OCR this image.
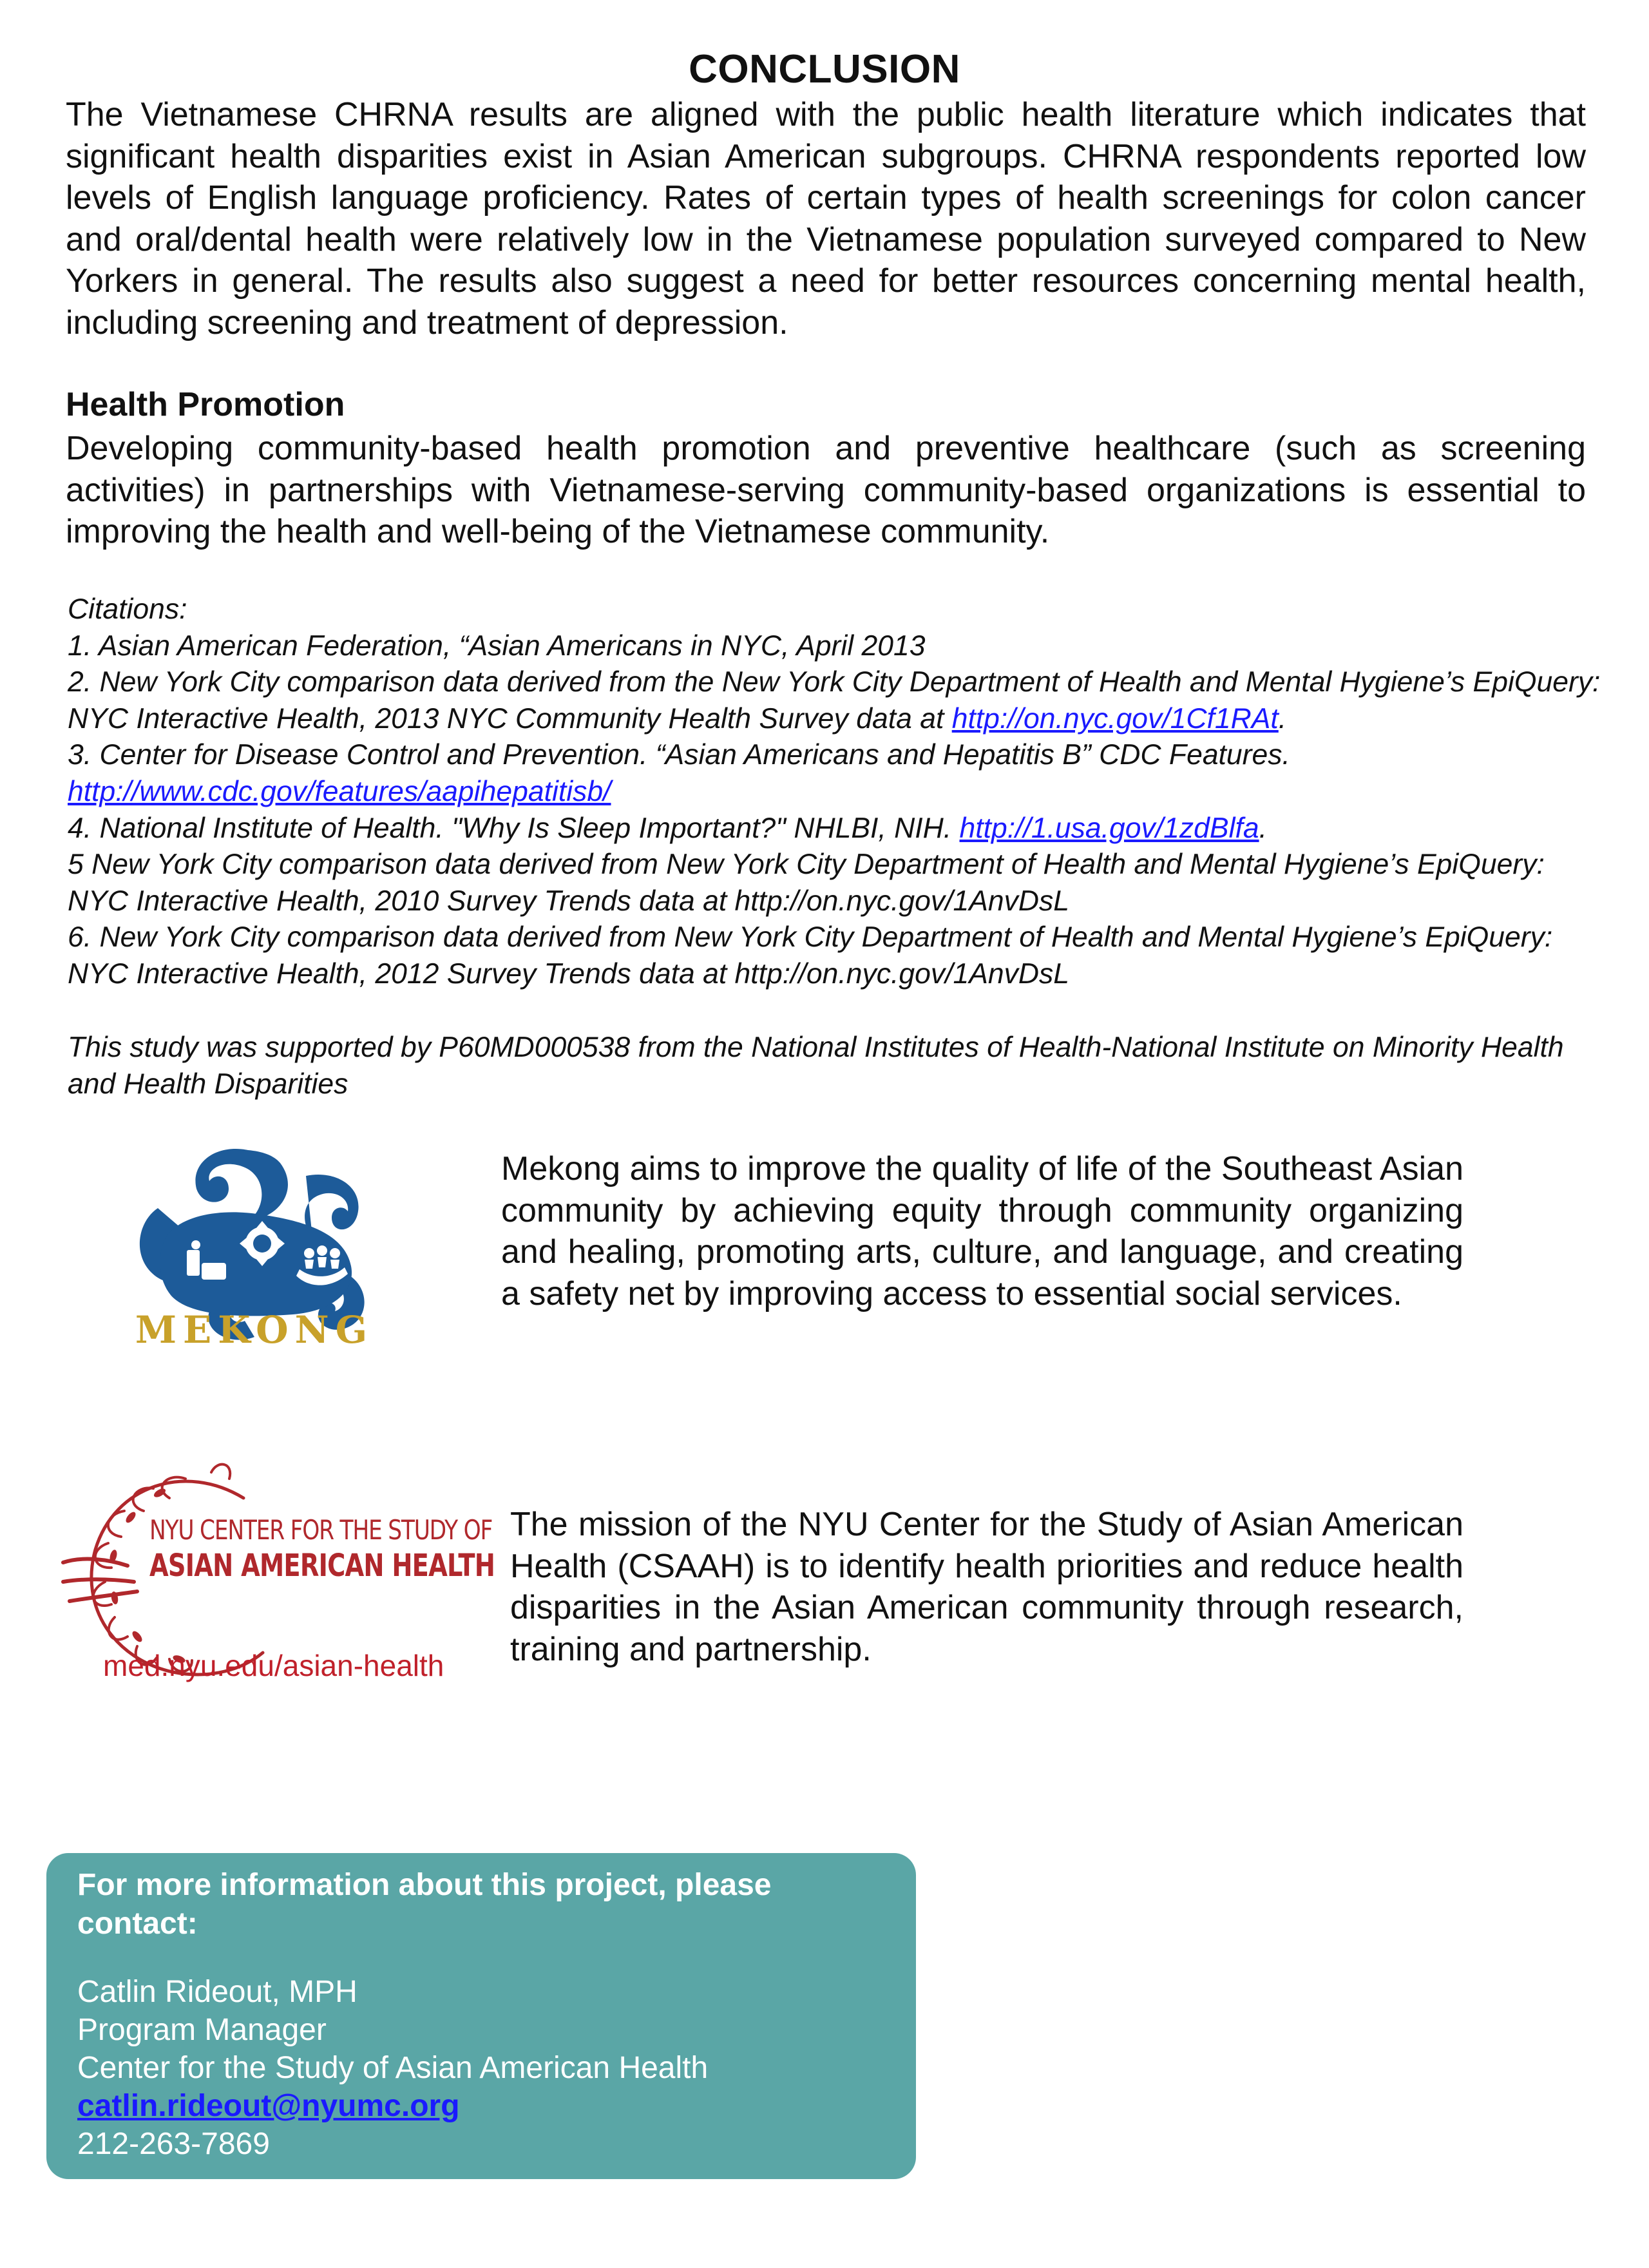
CONCLUSION
The Vietnamese CHRNA results are aligned with the public health literature which indicates that significant health disparities exist in Asian American subgroups. CHRNA respondents reported low levels of English language proficiency. Rates of certain types of health screenings for colon cancer and oral/dental health were relatively low in the Vietnamese population surveyed compared to New Yorkers in general. The results also suggest a need for better resources concerning mental health, including screening and treatment of depression.
Health Promotion
Developing community-based health promotion and preventive healthcare (such as screening activities) in partnerships with Vietnamese-serving community-based organizations is essential to improving the health and well-being of the Vietnamese community.
Citations:
1. Asian American Federation, “Asian Americans in NYC, April 2013
2. New York City comparison data derived from the New York City Department of Health and Mental Hygiene’s EpiQuery: NYC Interactive Health, 2013 NYC Community Health Survey data at http://on.nyc.gov/1Cf1RAt.
3. Center for Disease Control and Prevention. “Asian Americans and Hepatitis B” CDC Features.
http://www.cdc.gov/features/aapihepatitisb/
4. National Institute of Health. "Why Is Sleep Important?" NHLBI, NIH. http://1.usa.gov/1zdBlfa.
5 New York City comparison data derived from New York City Department of Health and Mental Hygiene’s EpiQuery: NYC Interactive Health, 2010 Survey Trends data at http://on.nyc.gov/1AnvDsL
6. New York City comparison data derived from New York City Department of Health and Mental Hygiene’s EpiQuery: NYC Interactive Health, 2012 Survey Trends data at http://on.nyc.gov/1AnvDsL
This study was supported by P60MD000538 from the National Institutes of Health-National Institute on Minority Health and Health Disparities
MEKONG
Mekong aims to improve the quality of life of the Southeast Asian community by achieving equity through community organizing and healing, promoting arts, culture, and language, and creating a safety net by improving access to essential social services.
NYU CENTER FOR THE STUDY OF
ASIAN AMERICAN HEALTH
med.nyu.edu/asian-health
The mission of the NYU Center for the Study of Asian American Health (CSAAH) is to identify health priorities and reduce health disparities in the Asian American community through research, training and partnership.
For more information about this project, please contact:
Catlin Rideout, MPH
Program Manager
Center for the Study of Asian American Health
catlin.rideout@nyumc.org
212-263-7869
